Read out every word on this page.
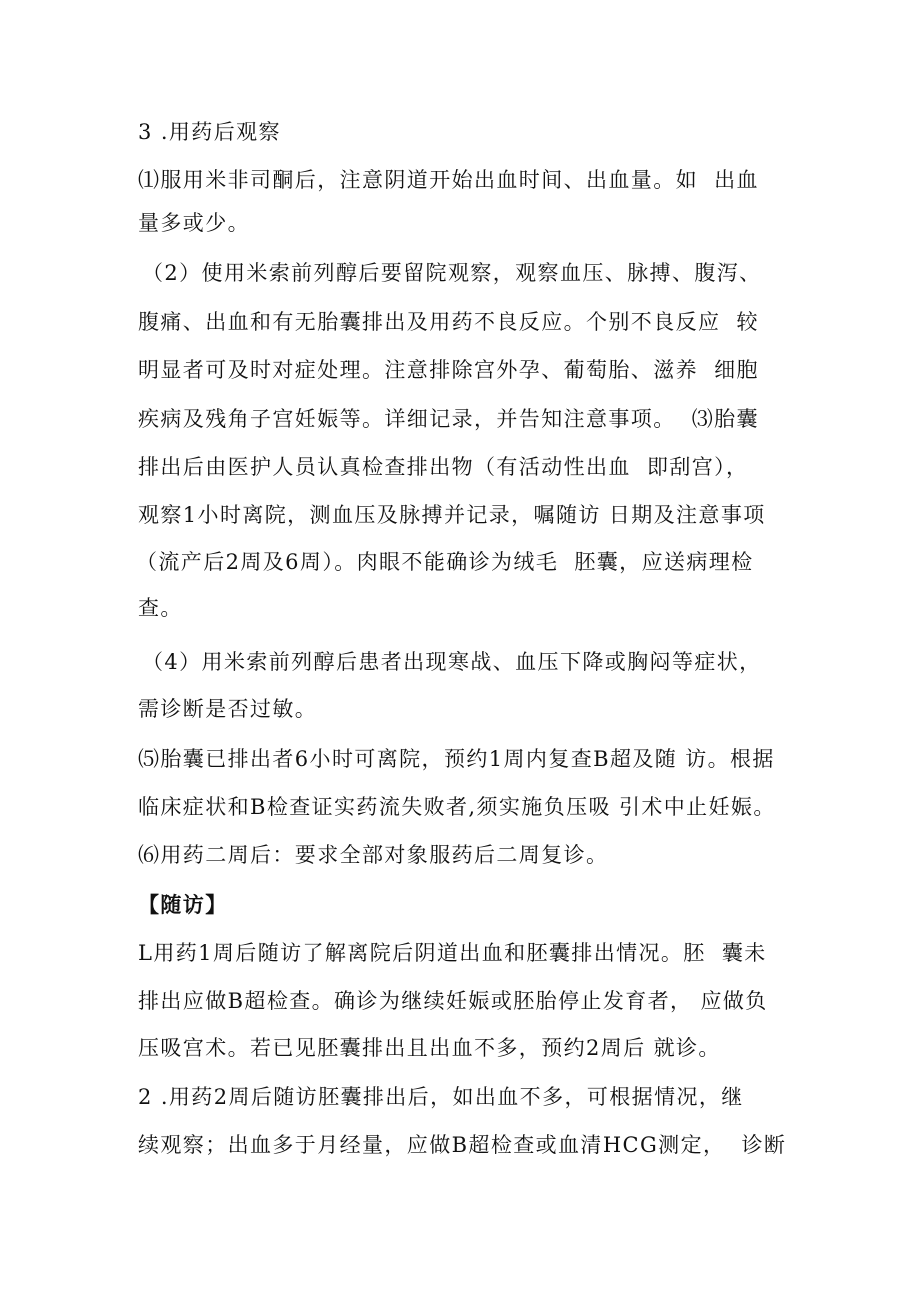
3 .用药后观察
⑴服用米非司酮后，注意阴道开始出血时间、出血量。如  出血
量多或少。
（2）使用米索前列醇后要留院观察，观察血压、脉搏、腹泻、
腹痛、出血和有无胎囊排出及用药不良反应。个别不良反应  较
明显者可及时对症处理。注意排除宫外孕、葡萄胎、滋养  细胞
疾病及残角子宫妊娠等。详细记录，并告知注意事项。  ⑶胎囊
排出后由医护人员认真检查排出物（有活动性出血  即刮宫），
观察1小时离院，测血压及脉搏并记录，嘱随访 日期及注意事项
（流产后2周及6周）。肉眼不能确诊为绒毛  胚囊，应送病理检
查。
（4）用米索前列醇后患者出现寒战、血压下降或胸闷等症状，
需诊断是否过敏。
⑸胎囊已排出者6小时可离院，预约1周内复查B超及随 访。根据
临床症状和B检查证实药流失败者,须实施负压吸 引术中止妊娠。
⑹用药二周后：要求全部对象服药后二周复诊。
【随访】
L用药1周后随访了解离院后阴道出血和胚囊排出情况。胚  囊未
排出应做B超检查。确诊为继续妊娠或胚胎停止发育者， 应做负
压吸宫术。若已见胚囊排出且出血不多，预约2周后 就诊。
2 .用药2周后随访胚囊排出后，如出血不多，可根据情况，继
续观察；出血多于月经量，应做B超检查或血清HCG测定，  诊断
